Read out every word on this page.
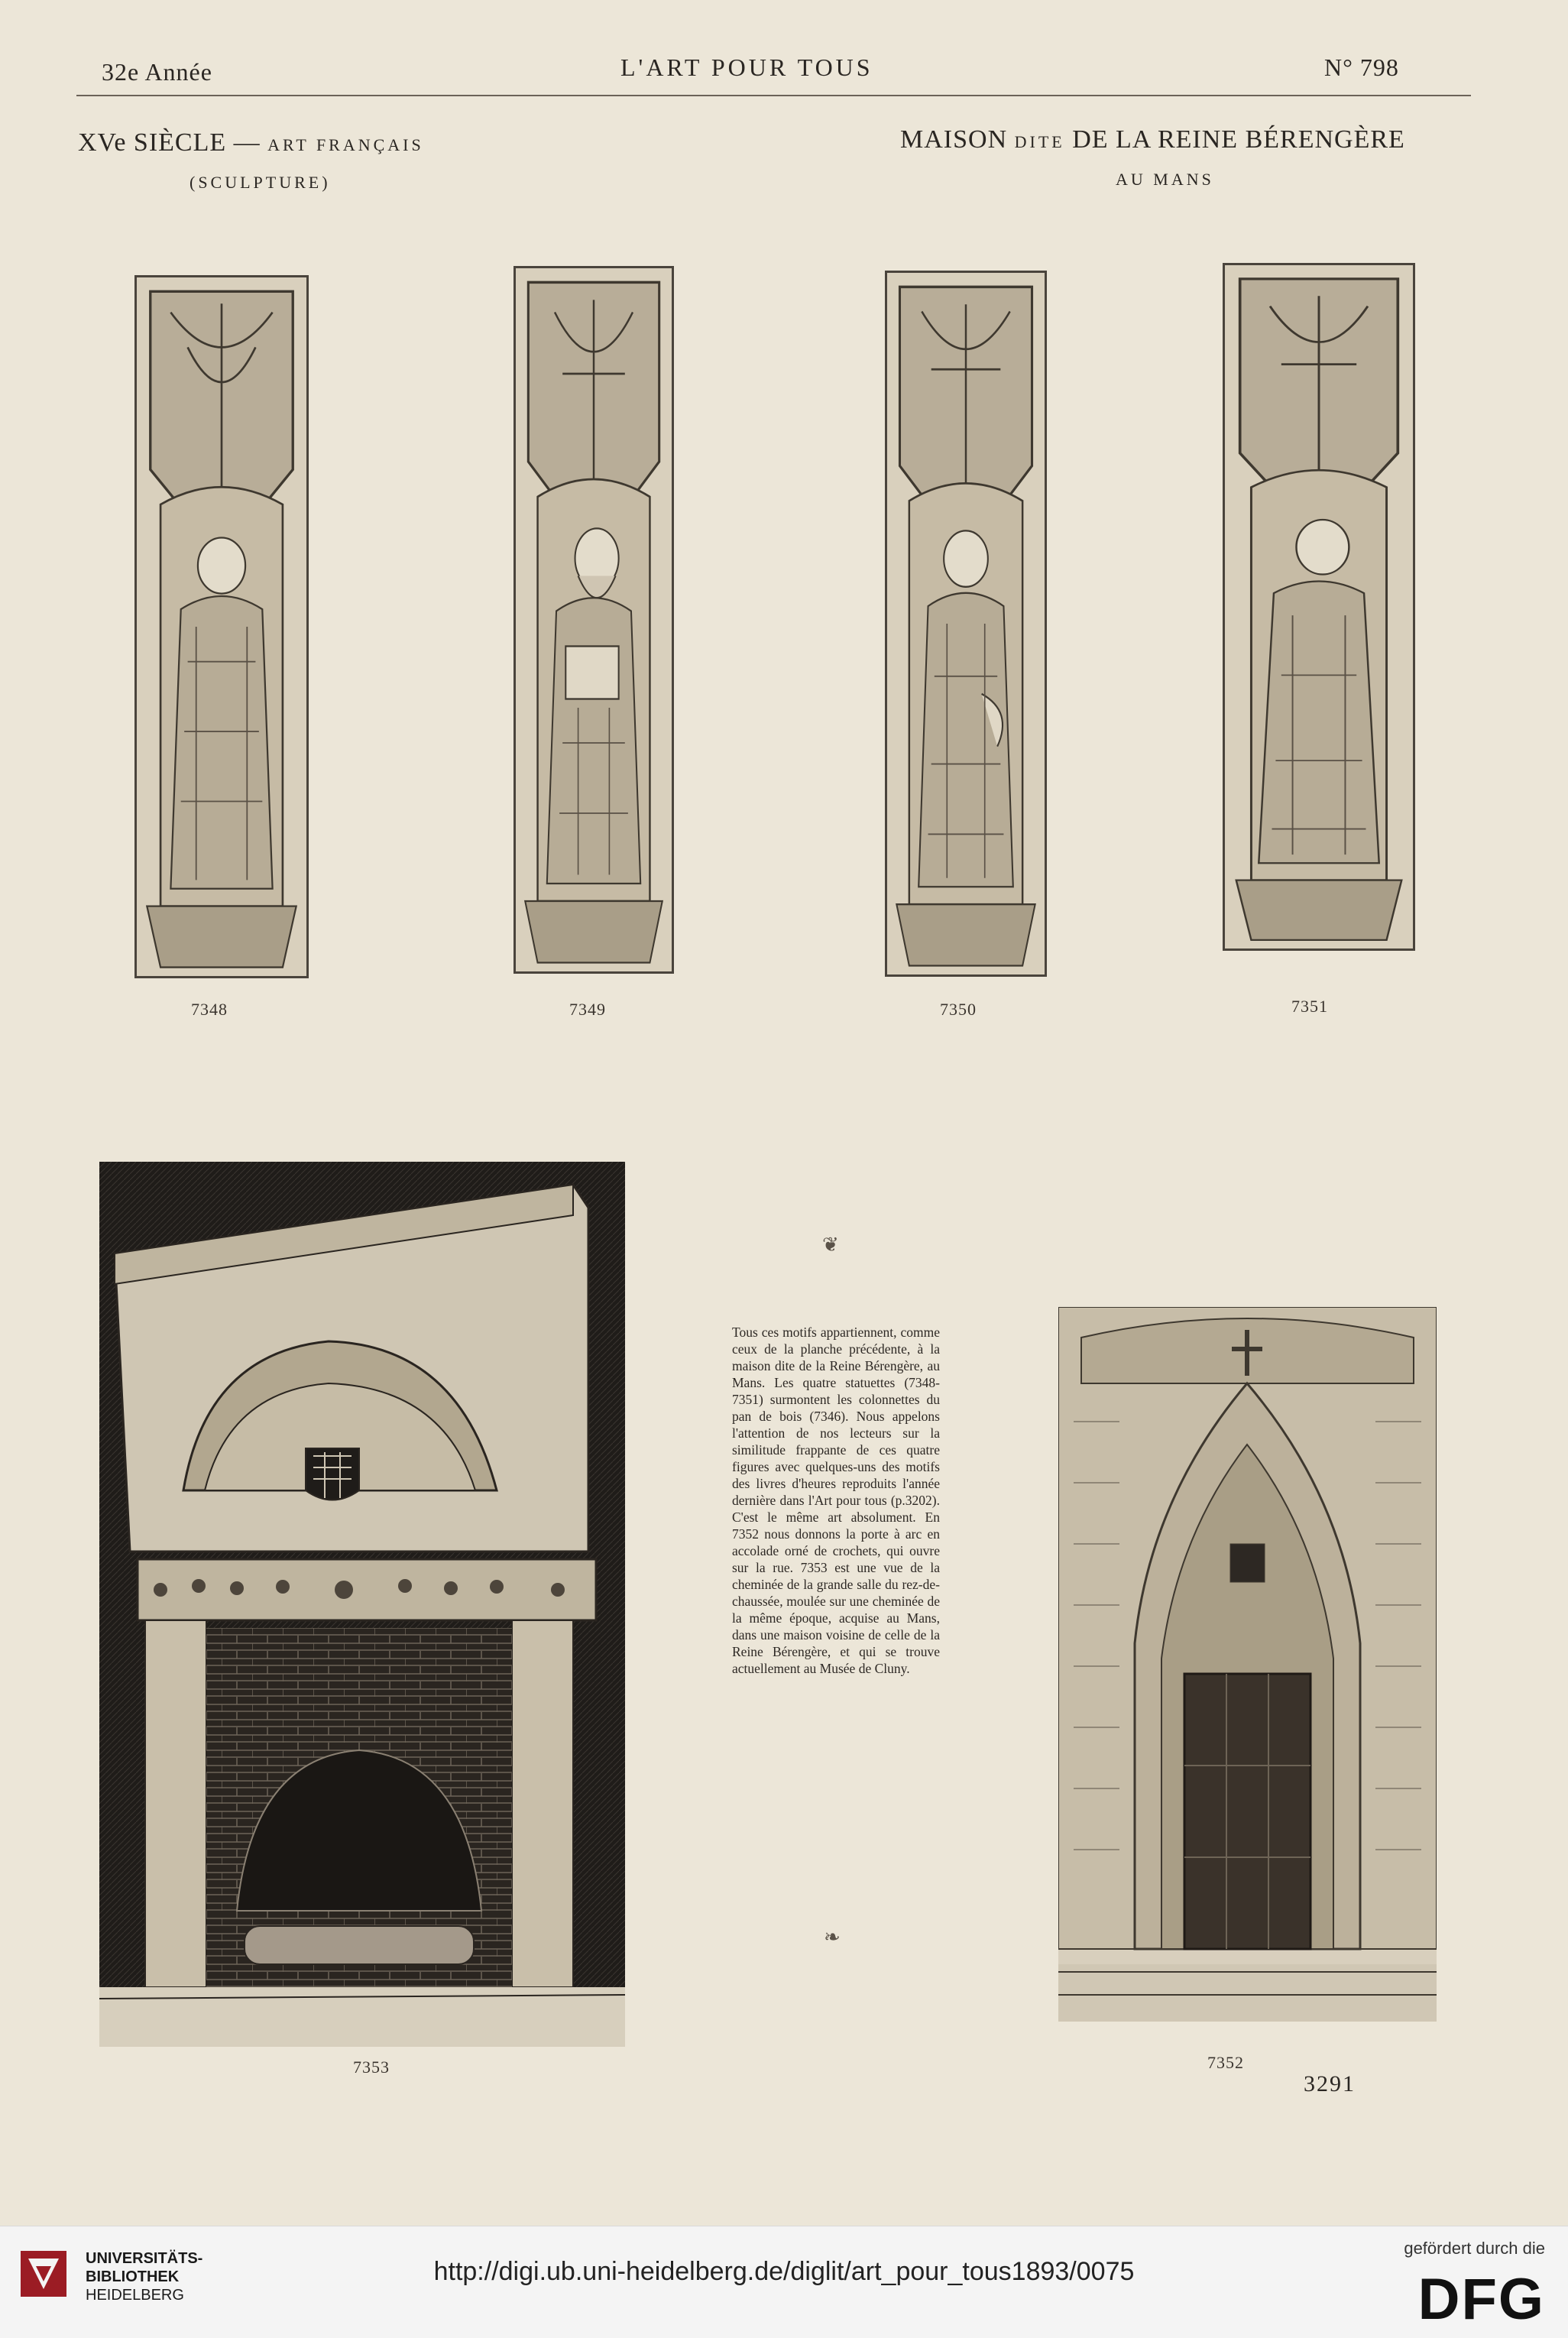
32e Année	L'ART POUR TOUS	N° 798
XVe SIÈCLE — ART FRANÇAIS
(SCULPTURE)
MAISON DITE DE LA REINE BÉRENGÈRE
AU MANS
7348	7349	7350	7351
7353
❦

Tous ces motifs appartiennent, comme ceux de la planche précédente, à la maison dite de la Reine Bérengère, au Mans. Les quatre statuettes (7348-7351) surmontent les colonnettes du pan de bois (7346). Nous appelons l'attention de nos lecteurs sur la similitude frappante de ces quatre figures avec quelques-uns des motifs des livres d'heures reproduits l'année dernière dans l'Art pour tous (p.3202). C'est le même art absolument. En 7352 nous donnons la porte à arc en accolade orné de crochets, qui ouvre sur la rue. 7353 est une vue de la cheminée de la grande salle du rez-de-chaussée, moulée sur une cheminée de la même époque, acquise au Mans, dans une maison voisine de celle de la Reine Bérengère, et qui se trouve actuellement au Musée de Cluny.

❧
7352
3291
UNIVERSITÄTS-
BIBLIOTHEK
HEIDELBERG
http://digi.ub.uni-heidelberg.de/diglit/art_pour_tous1893/0075
gefördert durch die
DFG
